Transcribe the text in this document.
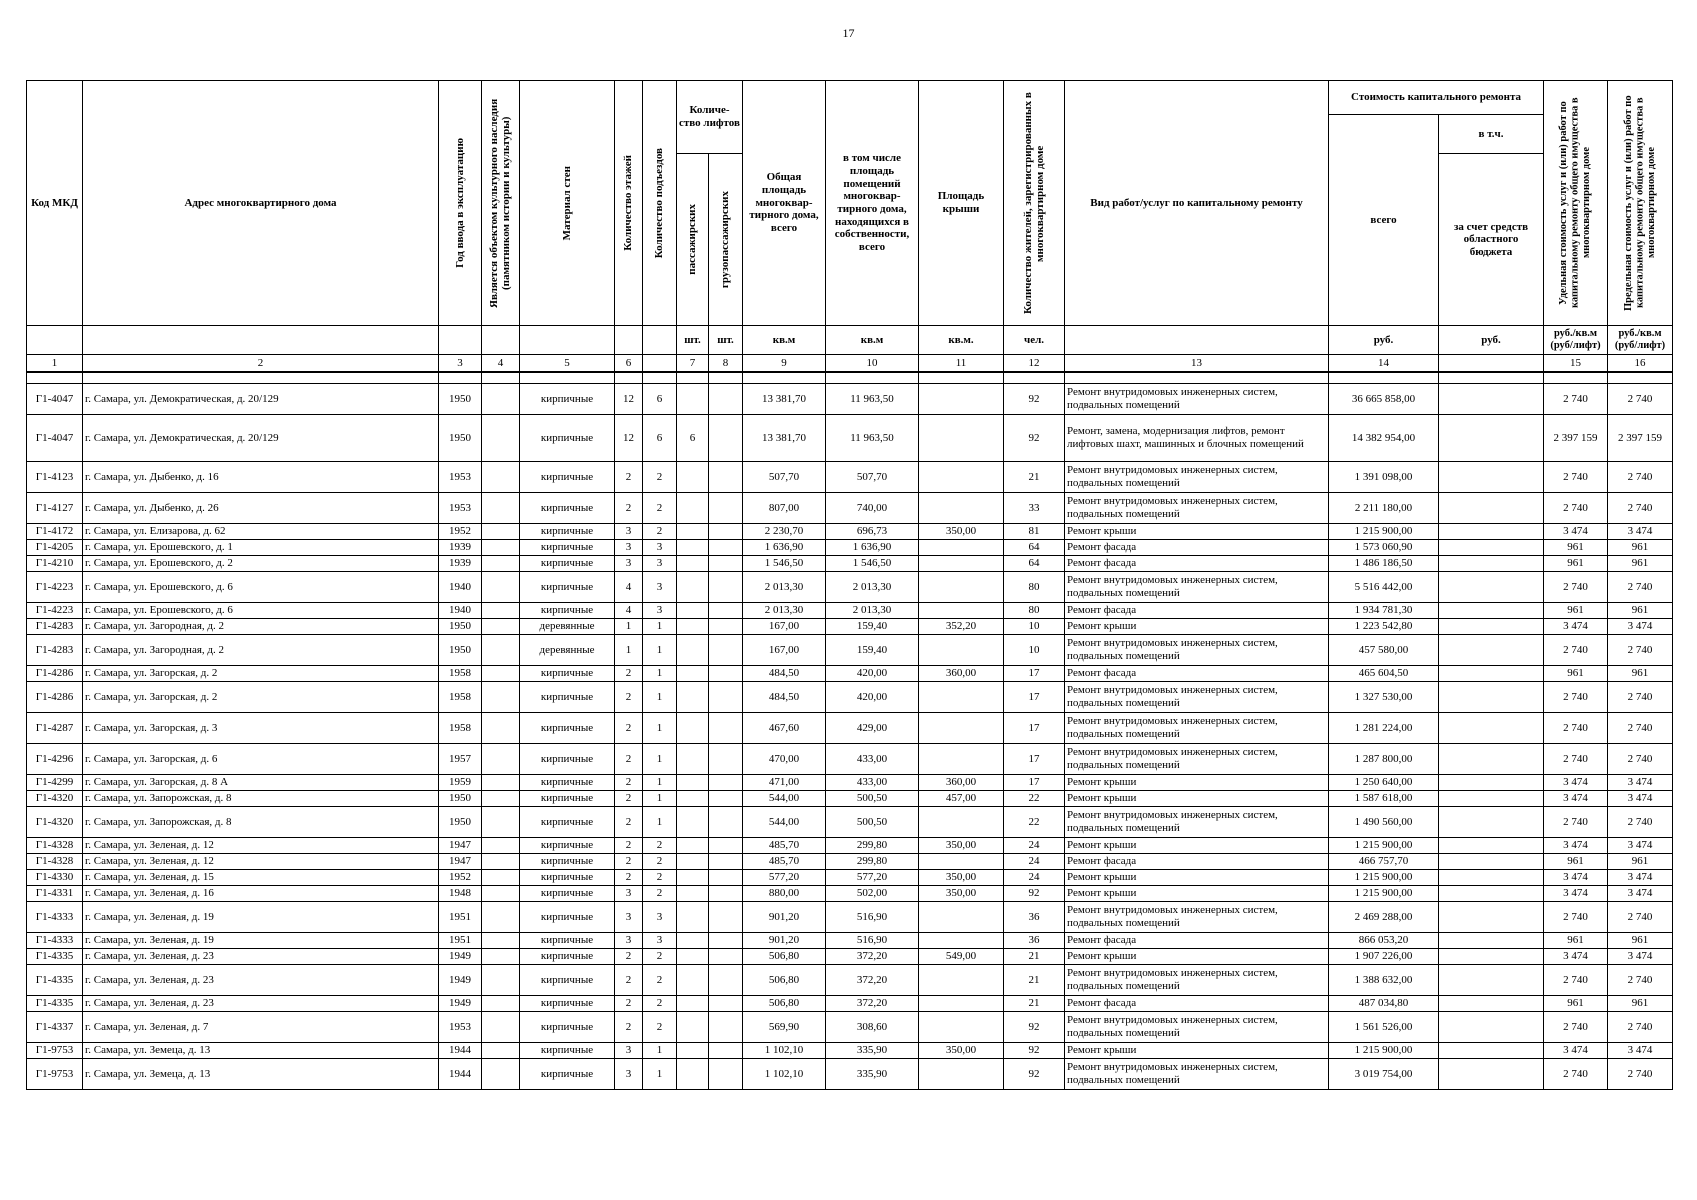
17
Код МКД	Адрес многоквартирного дома	Год ввода в эксплуатацию	Является объектом культурного наследия (памятником истории и культуры)	Материал стен	Количество этажей	Количество подъездов	Количе-ство лифтов		Общая площадь многоквар-тирного дома, всего	в том числе площадь помещений многоквар-тирного дома, находящихся в собственности, всего	Площадь крыши	Количество жителей, зарегистрированных в многоквартирном доме	Вид работ/услуг по капитальному ремонту	Стоимость капитального ремонта		Удельная стоимость услуг и (или) работ по капитальному ремонту общего имущества в многоквартирном доме	Предельная стоимость услуг и (или) работ по капитальному ремонту общего имущества в многоквартирном доме

														всего	в т.ч.		

							пассажирских	грузопассажирских							за счет средств областного бюджета		
							шт.	шт.	кв.м	кв.м	кв.м.	чел.		руб.	руб.	руб./кв.м (руб/лифт)	руб./кв.м (руб/лифт)
1	2	3	4	5	6		7	8	9	10	11	12	13	14		15	16

Г1-4047	г. Самара, ул. Демократическая, д. 20/129	1950		кирпичные	12	6			13 381,70	11 963,50		92	Ремонт внутридомовых инженерных систем, подвальных помещений	36 665 858,00		2 740	2 740
Г1-4047	г. Самара, ул. Демократическая, д. 20/129	1950		кирпичные	12	6	6		13 381,70	11 963,50		92	Ремонт, замена, модернизация лифтов, ремонт лифтовых шахт, машинных и блочных помещений	14 382 954,00		2 397 159	2 397 159
Г1-4123	г. Самара, ул. Дыбенко, д. 16	1953		кирпичные	2	2			507,70	507,70		21	Ремонт внутридомовых инженерных систем, подвальных помещений	1 391 098,00		2 740	2 740
Г1-4127	г. Самара, ул. Дыбенко, д. 26	1953		кирпичные	2	2			807,00	740,00		33	Ремонт внутридомовых инженерных систем, подвальных помещений	2 211 180,00		2 740	2 740
Г1-4172	г. Самара, ул. Елизарова, д. 62	1952		кирпичные	3	2			2 230,70	696,73	350,00	81	Ремонт крыши	1 215 900,00		3 474	3 474
Г1-4205	г. Самара, ул. Ерошевского, д. 1	1939		кирпичные	3	3			1 636,90	1 636,90		64	Ремонт фасада	1 573 060,90		961	961
Г1-4210	г. Самара, ул. Ерошевского, д. 2	1939		кирпичные	3	3			1 546,50	1 546,50		64	Ремонт фасада	1 486 186,50		961	961
Г1-4223	г. Самара, ул. Ерошевского, д. 6	1940		кирпичные	4	3			2 013,30	2 013,30		80	Ремонт внутридомовых инженерных систем, подвальных помещений	5 516 442,00		2 740	2 740
Г1-4223	г. Самара, ул. Ерошевского, д. 6	1940		кирпичные	4	3			2 013,30	2 013,30		80	Ремонт фасада	1 934 781,30		961	961
Г1-4283	г. Самара, ул. Загородная, д. 2	1950		деревянные	1	1			167,00	159,40	352,20	10	Ремонт крыши	1 223 542,80		3 474	3 474
Г1-4283	г. Самара, ул. Загородная, д. 2	1950		деревянные	1	1			167,00	159,40		10	Ремонт внутридомовых инженерных систем, подвальных помещений	457 580,00		2 740	2 740
Г1-4286	г. Самара, ул. Загорская, д. 2	1958		кирпичные	2	1			484,50	420,00	360,00	17	Ремонт фасада	465 604,50		961	961
Г1-4286	г. Самара, ул. Загорская, д. 2	1958		кирпичные	2	1			484,50	420,00		17	Ремонт внутридомовых инженерных систем, подвальных помещений	1 327 530,00		2 740	2 740
Г1-4287	г. Самара, ул. Загорская, д. 3	1958		кирпичные	2	1			467,60	429,00		17	Ремонт внутридомовых инженерных систем, подвальных помещений	1 281 224,00		2 740	2 740
Г1-4296	г. Самара, ул. Загорская, д. 6	1957		кирпичные	2	1			470,00	433,00		17	Ремонт внутридомовых инженерных систем, подвальных помещений	1 287 800,00		2 740	2 740
Г1-4299	г. Самара, ул. Загорская, д. 8 А	1959		кирпичные	2	1			471,00	433,00	360,00	17	Ремонт крыши	1 250 640,00		3 474	3 474
Г1-4320	г. Самара, ул. Запорожская, д. 8	1950		кирпичные	2	1			544,00	500,50	457,00	22	Ремонт крыши	1 587 618,00		3 474	3 474
Г1-4320	г. Самара, ул. Запорожская, д. 8	1950		кирпичные	2	1			544,00	500,50		22	Ремонт внутридомовых инженерных систем, подвальных помещений	1 490 560,00		2 740	2 740
Г1-4328	г. Самара, ул. Зеленая, д. 12	1947		кирпичные	2	2			485,70	299,80	350,00	24	Ремонт крыши	1 215 900,00		3 474	3 474
Г1-4328	г. Самара, ул. Зеленая, д. 12	1947		кирпичные	2	2			485,70	299,80		24	Ремонт фасада	466 757,70		961	961
Г1-4330	г. Самара, ул. Зеленая, д. 15	1952		кирпичные	2	2			577,20	577,20	350,00	24	Ремонт крыши	1 215 900,00		3 474	3 474
Г1-4331	г. Самара, ул. Зеленая, д. 16	1948		кирпичные	3	2			880,00	502,00	350,00	92	Ремонт крыши	1 215 900,00		3 474	3 474
Г1-4333	г. Самара, ул. Зеленая, д. 19	1951		кирпичные	3	3			901,20	516,90		36	Ремонт внутридомовых инженерных систем, подвальных помещений	2 469 288,00		2 740	2 740
Г1-4333	г. Самара, ул. Зеленая, д. 19	1951		кирпичные	3	3			901,20	516,90		36	Ремонт фасада	866 053,20		961	961
Г1-4335	г. Самара, ул. Зеленая, д. 23	1949		кирпичные	2	2			506,80	372,20	549,00	21	Ремонт крыши	1 907 226,00		3 474	3 474
Г1-4335	г. Самара, ул. Зеленая, д. 23	1949		кирпичные	2	2			506,80	372,20		21	Ремонт внутридомовых инженерных систем, подвальных помещений	1 388 632,00		2 740	2 740
Г1-4335	г. Самара, ул. Зеленая, д. 23	1949		кирпичные	2	2			506,80	372,20		21	Ремонт фасада	487 034,80		961	961
Г1-4337	г. Самара, ул. Зеленая, д. 7	1953		кирпичные	2	2			569,90	308,60		92	Ремонт внутридомовых инженерных систем, подвальных помещений	1 561 526,00		2 740	2 740
Г1-9753	г. Самара, ул. Земеца, д. 13	1944		кирпичные	3	1			1 102,10	335,90	350,00	92	Ремонт крыши	1 215 900,00		3 474	3 474
Г1-9753	г. Самара, ул. Земеца, д. 13	1944		кирпичные	3	1			1 102,10	335,90		92	Ремонт внутридомовых инженерных систем, подвальных помещений	3 019 754,00		2 740	2 740
